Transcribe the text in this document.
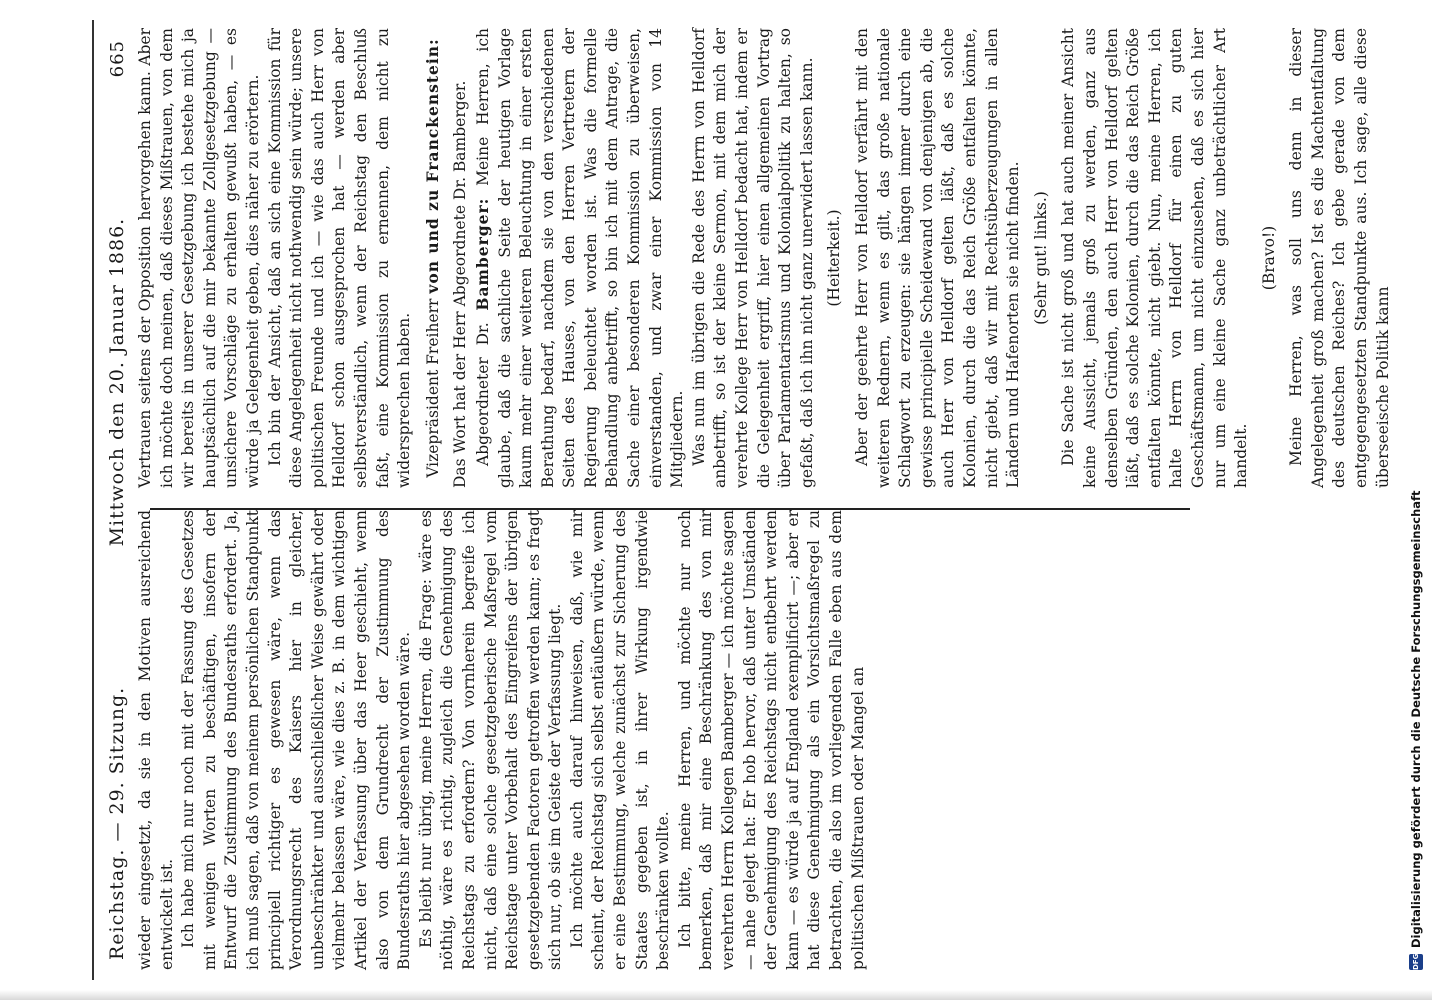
Reichstag. — 29. Sitzung.
Mittwoch den 20. Januar 1886.
665

wieder eingesetzt, da sie in den Motiven ausreichend entwickelt ist. Ich habe mich nur noch mit der Fassung des Gesetzes mit wenigen Worten zu beschäftigen, insofern der Entwurf die Zustimmung des Bundesraths erfordert. Ja, ich muß sagen, daß von meinem persönlichen Standpunkt principiell richtiger es gewesen wäre, wenn das Verordnungsrecht des Kaisers hier in gleicher, unbeschränkter und ausschließlicher Weise gewährt oder vielmehr belassen wäre, wie dies z. B. in dem wichtigen Artikel der Verfassung über das Heer geschieht, wenn also von dem Grundrecht der Zustimmung des Bundesraths hier abgesehen worden wäre. Es bleibt nur übrig, meine Herren, die Frage: wäre es nöthig, wäre es richtig, zugleich die Genehmigung des Reichstags zu erfordern? Von vornherein begreife ich nicht, daß eine solche gesetzgeberische Maßregel vom Reichstage unter Vorbehalt des Eingreifens der übrigen gesetzgebenden Factoren getroffen werden kann; es fragt sich nur, ob sie im Geiste der Verfassung liegt. Ich möchte auch darauf hinweisen, daß, wie mir scheint, der Reichstag sich selbst entäußern würde, wenn er eine Bestimmung, welche zunächst zur Sicherung des Staates gegeben ist, in ihrer Wirkung irgendwie beschränken wollte. Ich bitte, meine Herren, und möchte nur noch bemerken, daß mir eine Beschränkung des von mir verehrten Herrn Kollegen Bamberger — ich möchte sagen — nahe gelegt hat: Er hob hervor, daß unter Umständen der Genehmigung des Reichstags nicht entbehrt werden kann — es würde ja auf England exemplificirt —; aber er hat diese Genehmigung als ein Vorsichtsmaßregel zu betrachten, die also im vorliegenden Falle eben aus dem politischen Mißtrauen oder Mangel an

Vertrauen seitens der Opposition hervorgehen kann. Aber ich möchte doch meinen, daß dieses Mißtrauen, von dem wir bereits in unserer Gesetzgebung ich bestehe mich ja hauptsächlich auf die mir bekannte Zollgesetzgebung — unsichere Vorschläge zu erhalten gewußt haben, — es würde ja Gelegenheit geben, dies näher zu erörtern. Ich bin der Ansicht, daß an sich eine Kommission für diese Angelegenheit nicht nothwendig sein würde; unsere politischen Freunde und ich — wie das auch Herr von Helldorf schon ausgesprochen hat — werden aber selbstverständlich, wenn der Reichstag den Beschluß faßt, eine Kommission zu ernennen, dem nicht zu widersprechen haben. Vizepräsident Freiherr von und zu Franckenstein: Das Wort hat der Herr Abgeordnete Dr. Bamberger. Abgeordneter Dr. Bamberger: Meine Herren, ich glaube, daß die sachliche Seite der heutigen Vorlage kaum mehr einer weiteren Beleuchtung in einer ersten Berathung bedarf, nachdem sie von den verschiedenen Seiten des Hauses, von den Herren Vertretern der Regierung beleuchtet worden ist. Was die formelle Behandlung anbetrifft, so bin ich mit dem Antrage, die Sache einer besonderen Kommission zu überweisen, einverstanden, und zwar einer Kommission von 14 Mitgliedern. Was nun im übrigen die Rede des Herrn von Helldorf anbetrifft, so ist der kleine Sermon, mit dem mich der verehrte Kollege Herr von Helldorf bedacht hat, indem er die Gelegenheit ergriff, hier einen allgemeinen Vortrag über Parlamentarismus und Kolonialpolitik zu halten, so gefaßt, daß ich ihn nicht ganz unerwidert lassen kann. (Heiterkeit.) Aber der geehrte Herr von Helldorf verfährt mit den weiteren Rednern, wenn es gilt, das große nationale Schlagwort zu erzeugen: sie hängen immer durch eine gewisse principielle Scheidewand von denjenigen ab, die auch Herr von Helldorf gelten läßt, daß es solche Kolonien, durch die das Reich Größe entfalten könnte, nicht giebt, daß wir mit Rechtsüberzeugungen in allen Ländern und Hafenorten sie nicht finden. (Sehr gut! links.) Die Sache ist nicht groß und hat auch meiner Ansicht keine Aussicht, jemals groß zu werden, ganz aus denselben Gründen, den auch Herr von Helldorf gelten läßt, daß es solche Kolonien, durch die das Reich Größe entfalten könnte, nicht giebt. Nun, meine Herren, ich halte Herrn von Helldorf für einen zu guten Geschäftsmann, um nicht einzusehen, daß es sich hier nur um eine kleine Sache ganz unbeträchtlicher Art handelt.

(Bravo!) Meine Herren, was soll uns denn in dieser Angelegenheit groß machen? Ist es die Machtentfaltung des deutschen Reiches? Ich gebe gerade von dem entgegengesetzten Standpunkte aus. Ich sage, alle diese überseeische Politik kann

DFG
Digitalisierung gefördert durch die Deutsche Forschungsgemeinschaft
